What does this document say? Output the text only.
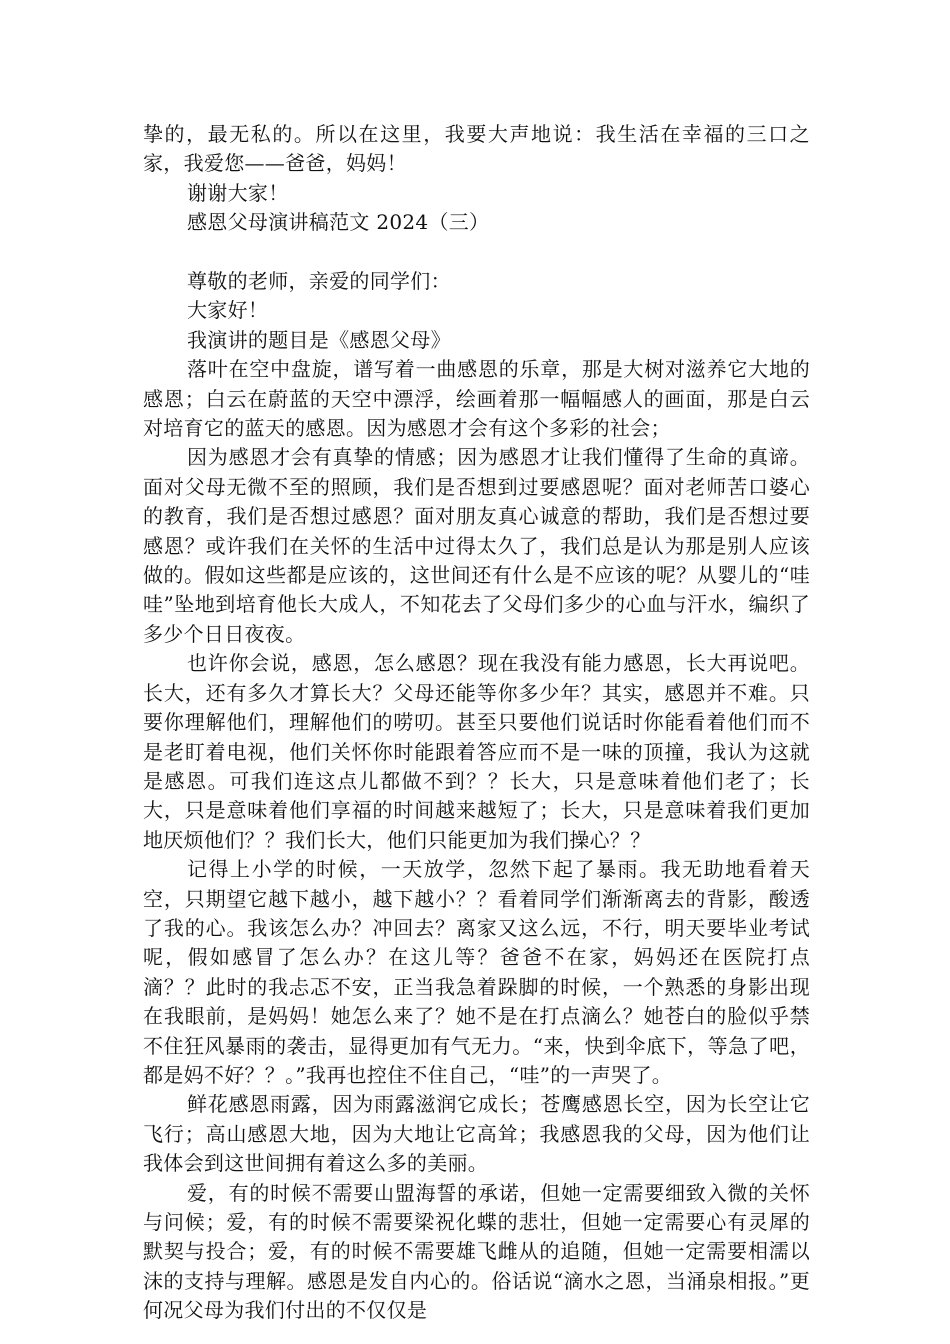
挚的，最无私的。所以在这里，我要大声地说：我生活在幸福的三口之家，我爱您——爸爸，妈妈！

谢谢大家！

感恩父母演讲稿范文 2024（三）

尊敬的老师，亲爱的同学们：

大家好！

我演讲的题目是《感恩父母》

落叶在空中盘旋，谱写着一曲感恩的乐章，那是大树对滋养它大地的感恩；白云在蔚蓝的天空中漂浮，绘画着那一幅幅感人的画面，那是白云对培育它的蓝天的感恩。因为感恩才会有这个多彩的社会；

因为感恩才会有真挚的情感；因为感恩才让我们懂得了生命的真谛。面对父母无微不至的照顾，我们是否想到过要感恩呢？面对老师苦口婆心的教育，我们是否想过感恩？面对朋友真心诚意的帮助，我们是否想过要感恩？或许我们在关怀的生活中过得太久了，我们总是认为那是别人应该做的。假如这些都是应该的，这世间还有什么是不应该的呢？从婴儿的“哇哇”坠地到培育他长大成人，不知花去了父母们多少的心血与汗水，编织了多少个日日夜夜。

也许你会说，感恩，怎么感恩？现在我没有能力感恩，长大再说吧。长大，还有多久才算长大？父母还能等你多少年？其实，感恩并不难。只要你理解他们，理解他们的唠叨。甚至只要他们说话时你能看着他们而不是老盯着电视，他们关怀你时能跟着答应而不是一味的顶撞，我认为这就是感恩。可我们连这点儿都做不到？？长大，只是意味着他们老了；长大，只是意味着他们享福的时间越来越短了；长大，只是意味着我们更加地厌烦他们？？我们长大，他们只能更加为我们操心？？

记得上小学的时候，一天放学，忽然下起了暴雨。我无助地看着天空，只期望它越下越小，越下越小？？看着同学们渐渐离去的背影，酸透了我的心。我该怎么办？冲回去？离家又这么远，不行，明天要毕业考试呢，假如感冒了怎么办？在这儿等？爸爸不在家，妈妈还在医院打点滴？？此时的我忐忑不安，正当我急着跺脚的时候，一个熟悉的身影出现在我眼前，是妈妈！她怎么来了？她不是在打点滴么？她苍白的脸似乎禁不住狂风暴雨的袭击，显得更加有气无力。“来，快到伞底下，等急了吧，都是妈不好？？。”我再也控住不住自己，“哇”的一声哭了。

鲜花感恩雨露，因为雨露滋润它成长；苍鹰感恩长空，因为长空让它飞行；高山感恩大地，因为大地让它高耸；我感恩我的父母，因为他们让我体会到这世间拥有着这么多的美丽。

爱，有的时候不需要山盟海誓的承诺，但她一定需要细致入微的关怀与问候；爱，有的时候不需要梁祝化蝶的悲壮，但她一定需要心有灵犀的默契与投合；爱，有的时候不需要雄飞雌从的追随，但她一定需要相濡以沫的支持与理解。感恩是发自内心的。俗话说“滴水之恩，当涌泉相报。”更何况父母为我们付出的不仅仅是
